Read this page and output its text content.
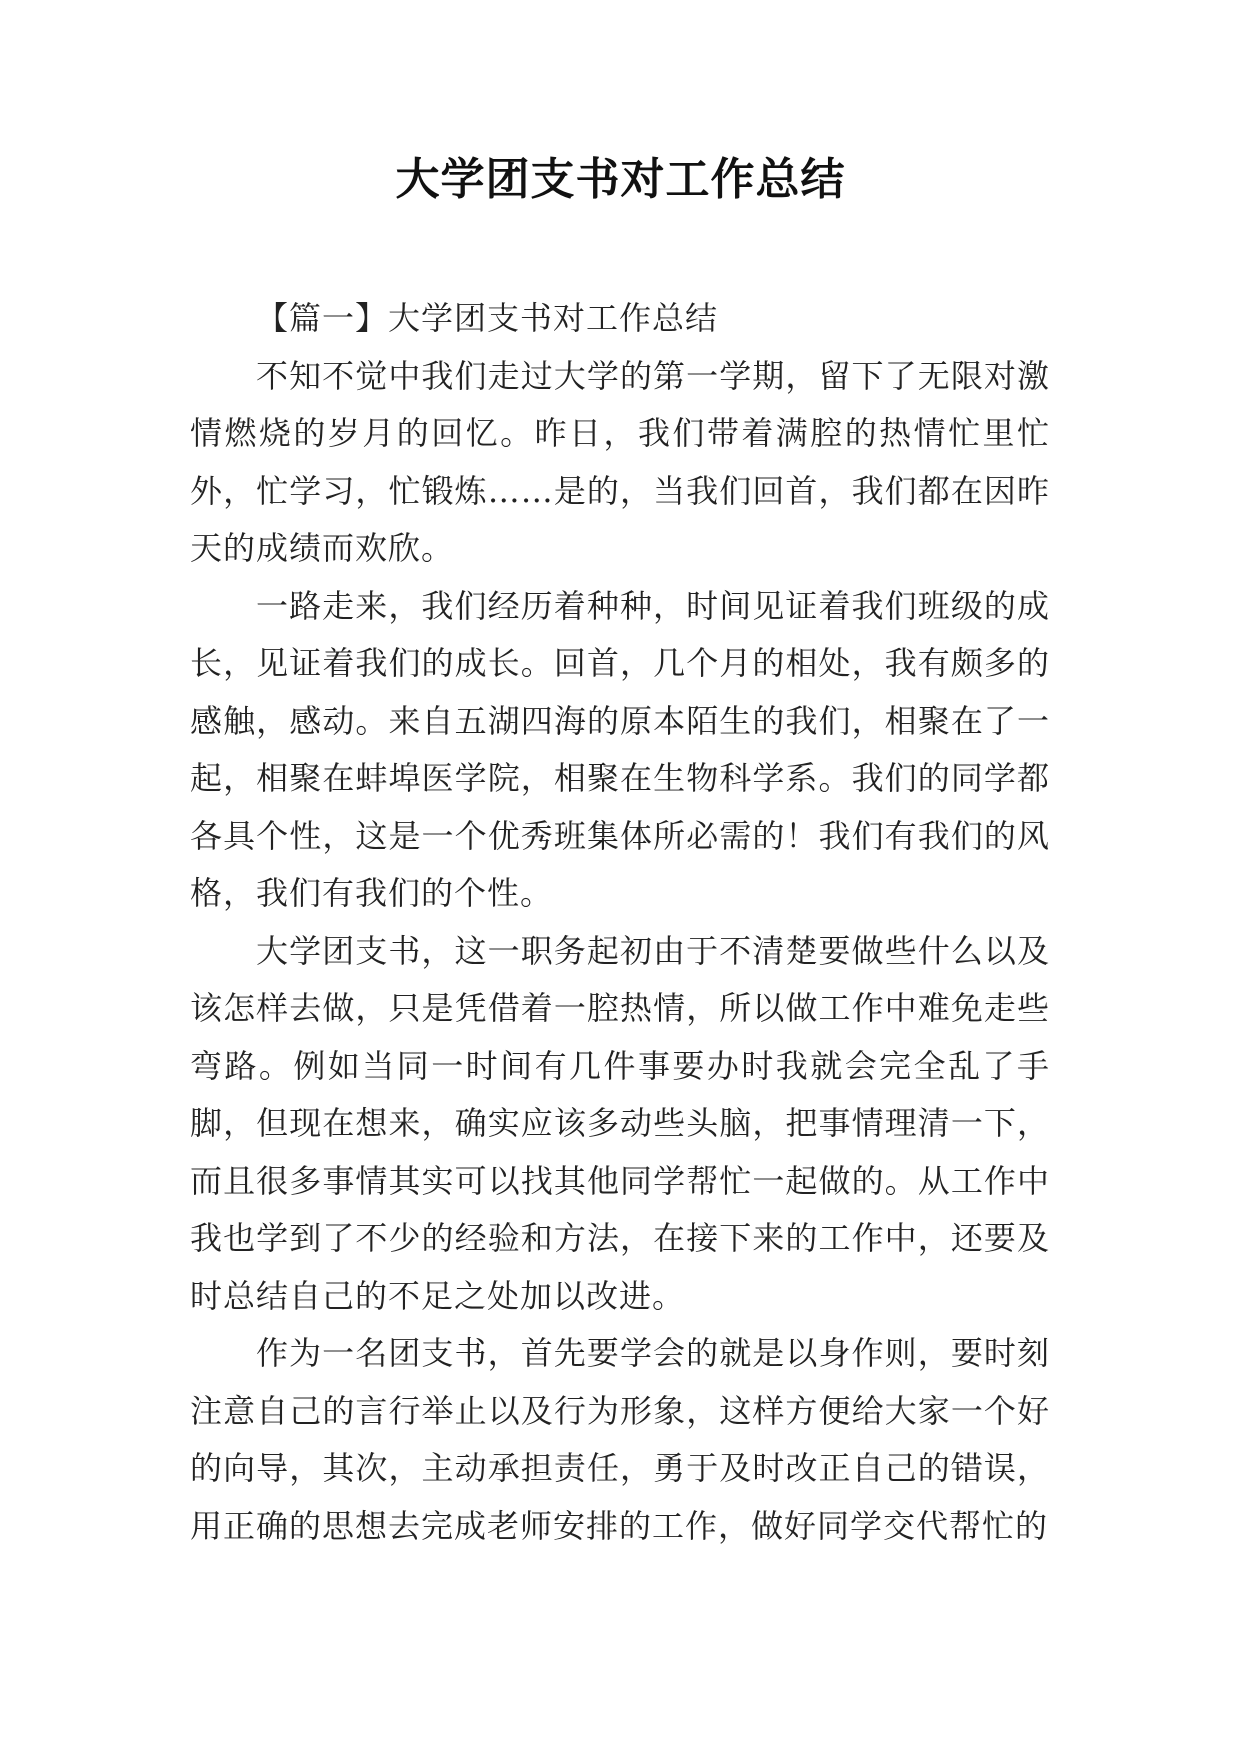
大学团支书对工作总结

【篇一】大学团支书对工作总结

不知不觉中我们走过大学的第一学期，留下了无限对激情燃烧的岁月的回忆。昨日，我们带着满腔的热情忙里忙外，忙学习，忙锻炼……是的，当我们回首，我们都在因昨天的成绩而欢欣。

一路走来，我们经历着种种，时间见证着我们班级的成长，见证着我们的成长。回首，几个月的相处，我有颇多的感触，感动。来自五湖四海的原本陌生的我们，相聚在了一起，相聚在蚌埠医学院，相聚在生物科学系。我们的同学都各具个性，这是一个优秀班集体所必需的！我们有我们的风格，我们有我们的个性。

大学团支书，这一职务起初由于不清楚要做些什么以及该怎样去做，只是凭借着一腔热情，所以做工作中难免走些弯路。例如当同一时间有几件事要办时我就会完全乱了手脚，但现在想来，确实应该多动些头脑，把事情理清一下，而且很多事情其实可以找其他同学帮忙一起做的。从工作中我也学到了不少的经验和方法，在接下来的工作中，还要及时总结自己的不足之处加以改进。

作为一名团支书，首先要学会的就是以身作则，要时刻注意自己的言行举止以及行为形象，这样方便给大家一个好的向导，其次，主动承担责任，勇于及时改正自己的错误，用正确的思想去完成老师安排的工作，做好同学交代帮忙的
